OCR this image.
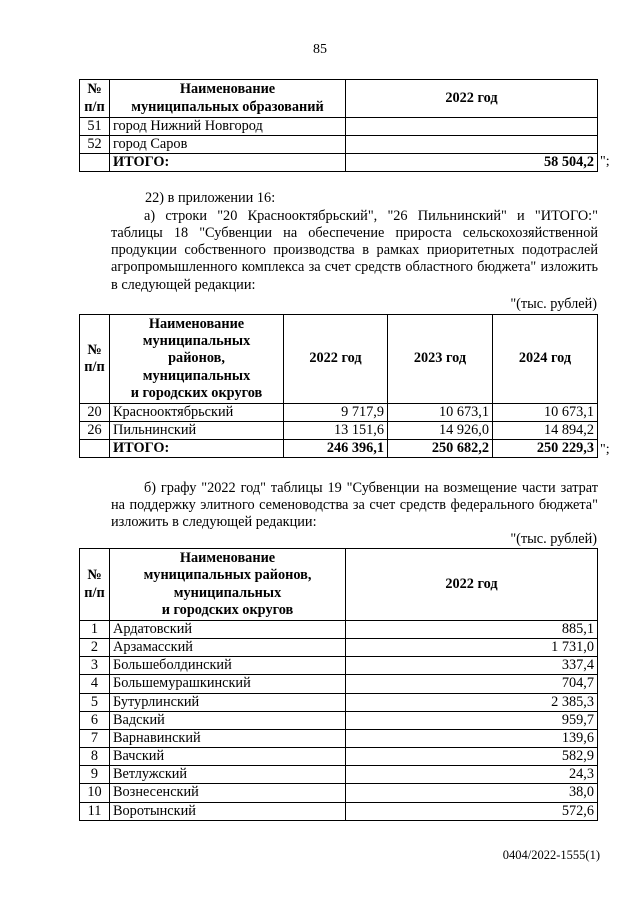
85
№
п/п	Наименование
муниципальных образований	2022 год
51	город Нижний Новгород	
52	город Саров	
	ИТОГО:	58 504,2 ";
22) в приложении 16:
а) строки "20 Краснооктябрьский", "26 Пильнинский" и "ИТОГО:" таблицы 18 "Субвенции на обеспечение прироста сельскохозяйственной продукции собственного производства в рамках приоритетных подотраслей агропромышленного комплекса за счет средств областного бюджета" изложить в следующей редакции:
"(тыс. рублей)
№
п/п	Наименование
муниципальных
районов,
муниципальных
и городских округов	2022 год	2023 год	2024 год
20	Краснооктябрьский	9 717,9	10 673,1	10 673,1
26	Пильнинский	13 151,6	14 926,0	14 894,2
	ИТОГО:	246 396,1	250 682,2	250 229,3 ";
б) графу "2022 год" таблицы 19 "Субвенции на возмещение части затрат на поддержку элитного семеноводства за счет средств федерального бюджета" изложить в следующей редакции:
"(тыс. рублей)
№
п/п	Наименование
муниципальных районов,
муниципальных
и городских округов	2022 год
1	Ардатовский	885,1
2	Арзамасский	1 731,0
3	Большеболдинский	337,4
4	Большемурашкинский	704,7
5	Бутурлинский	2 385,3
6	Вадский	959,7
7	Варнавинский	139,6
8	Вачский	582,9
9	Ветлужский	24,3
10	Вознесенский	38,0
11	Воротынский	572,6
0404/2022-1555(1)
